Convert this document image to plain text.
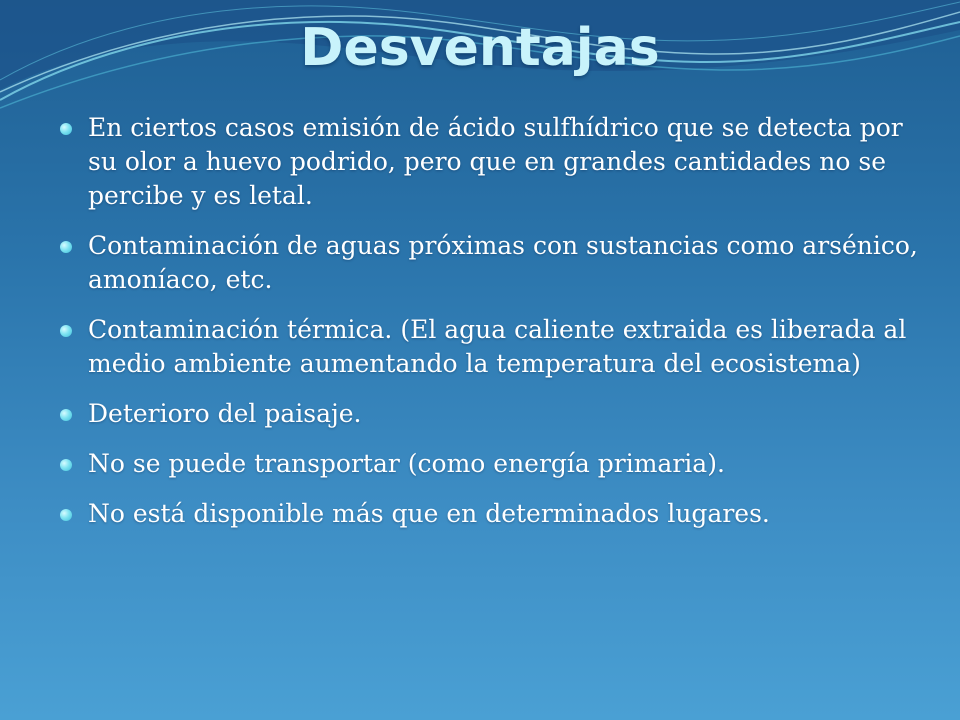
Desventajas
En ciertos casos emisión de ácido sulfhídrico que se detecta por su olor a huevo podrido, pero que en grandes cantidades no se percibe y es letal.
Contaminación de aguas próximas con sustancias como arsénico, amoníaco, etc.
Contaminación térmica. (El agua caliente extraida es liberada al medio ambiente aumentando la temperatura del ecosistema)
Deterioro del paisaje.
No se puede transportar (como energía primaria).
No está disponible más que en determinados lugares.
